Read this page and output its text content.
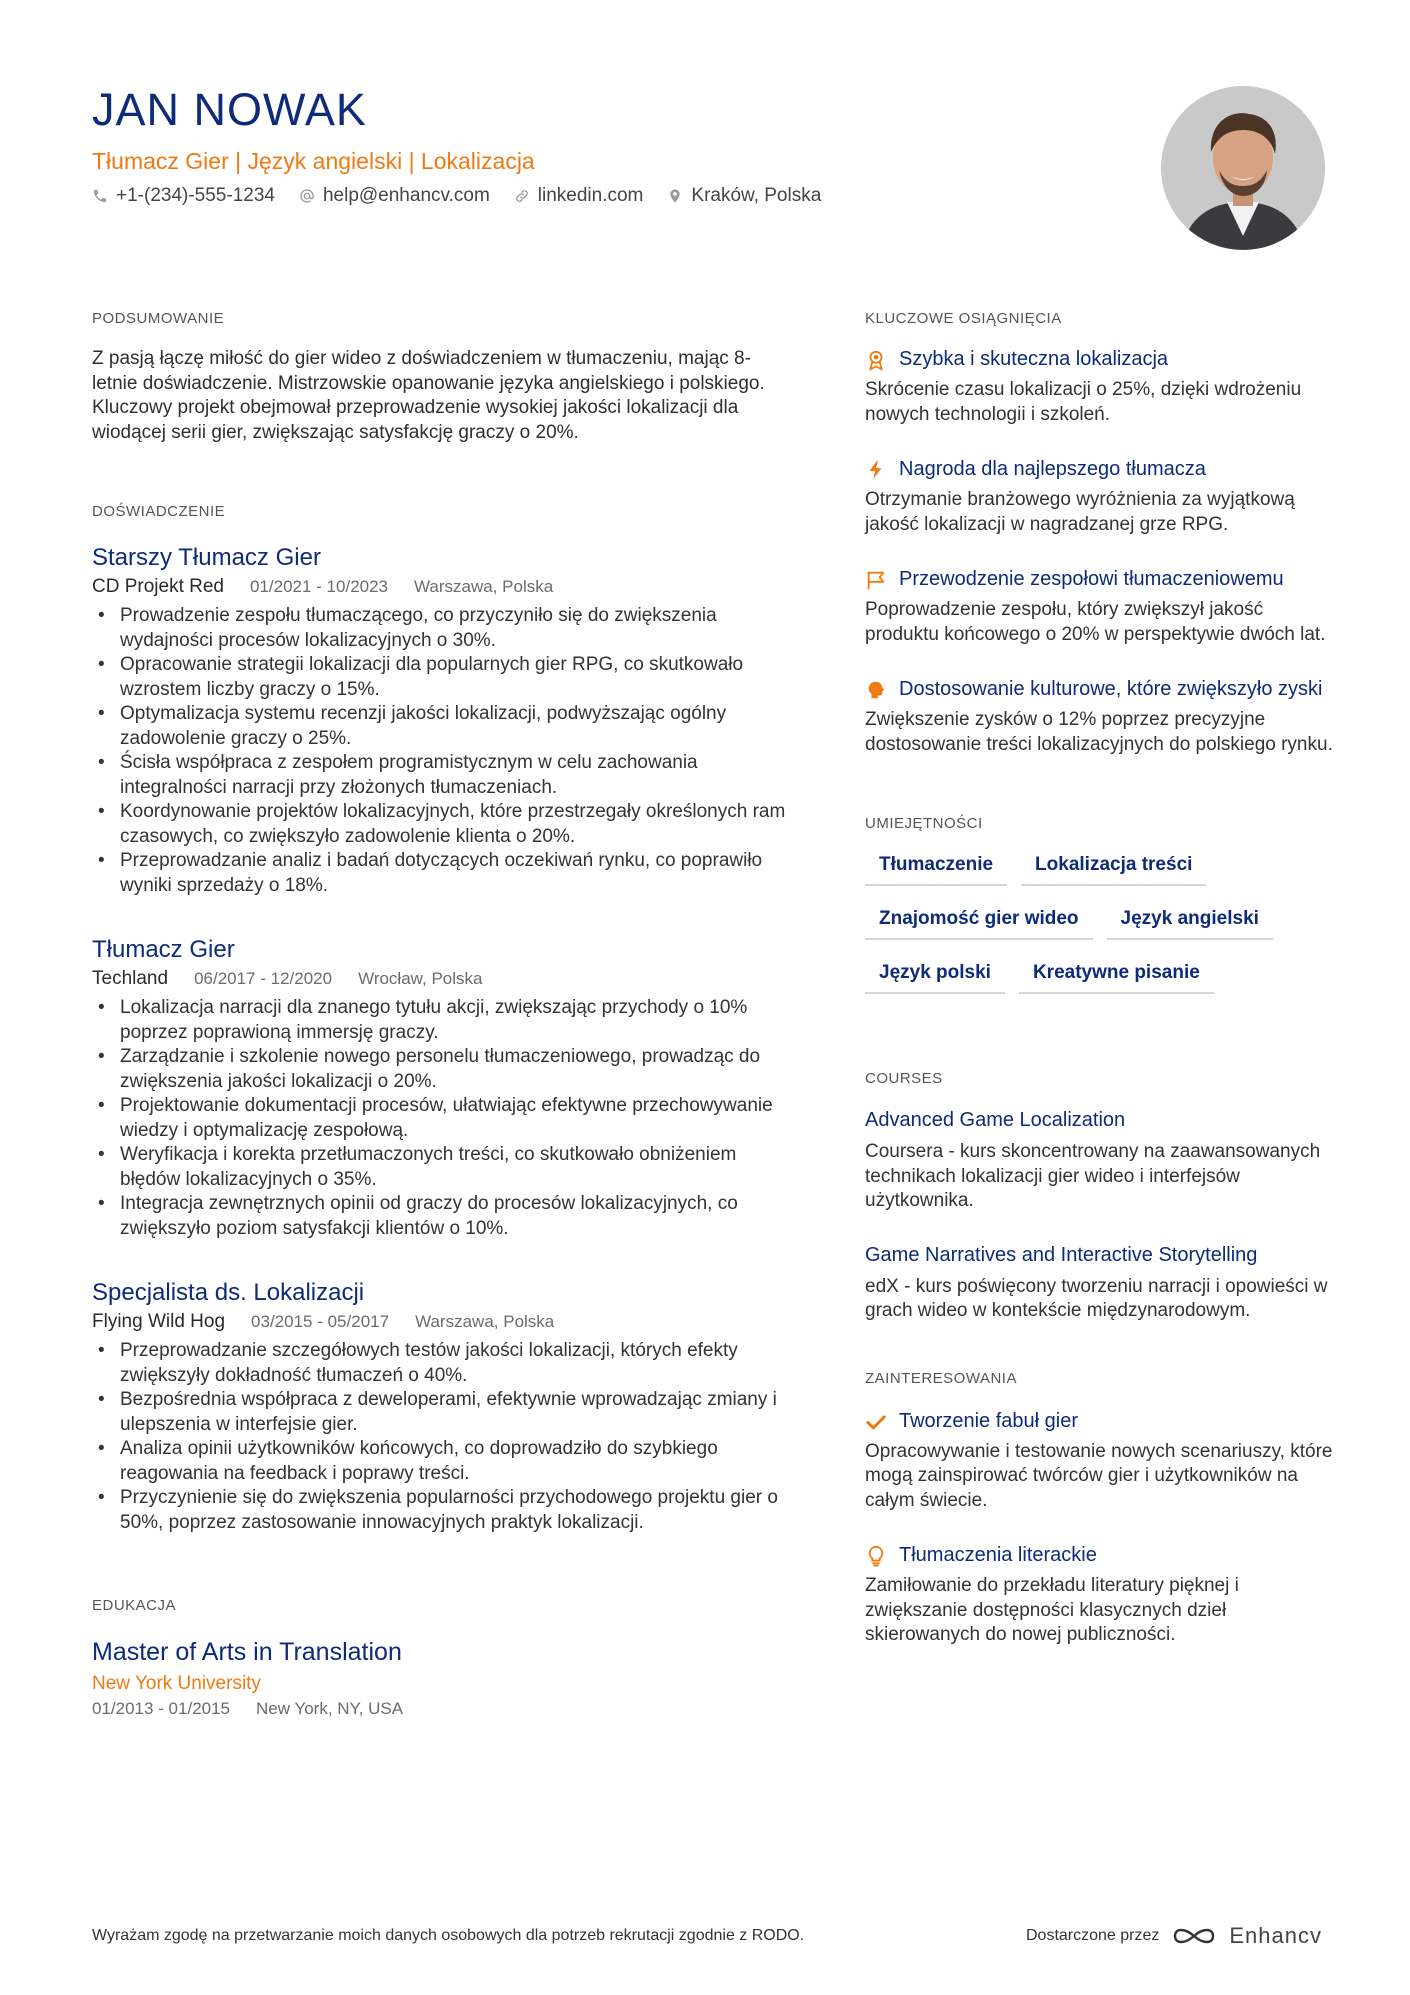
JAN NOWAK
Tłumacz Gier | Język angielski | Lokalizacja
+1-(234)-555-1234	help@enhancv.com	linkedin.com	Kraków, Polska
PODSUMOWANIE

Z pasją łączę miłość do gier wideo z doświadczeniem w tłumaczeniu, mając 8-letnie doświadczenie. Mistrzowskie opanowanie języka angielskiego i polskiego. Kluczowy projekt obejmował przeprowadzenie wysokiej jakości lokalizacji dla wiodącej serii gier, zwiększając satysfakcję graczy o 20%.

DOŚWIADCZENIE
Starszy Tłumacz Gier
CD Projekt Red 01/2021 - 10/2023 Warszawa, Polska
• Prowadzenie zespołu tłumaczącego, co przyczyniło się do zwiększenia wydajności procesów lokalizacyjnych o 30%.
• Opracowanie strategii lokalizacji dla popularnych gier RPG, co skutkowało wzrostem liczby graczy o 15%.
• Optymalizacja systemu recenzji jakości lokalizacji, podwyższając ogólny zadowolenie graczy o 25%.
• Ścisła współpraca z zespołem programistycznym w celu zachowania integralności narracji przy złożonych tłumaczeniach.
• Koordynowanie projektów lokalizacyjnych, które przestrzegały określonych ram czasowych, co zwiększyło zadowolenie klienta o 20%.
• Przeprowadzanie analiz i badań dotyczących oczekiwań rynku, co poprawiło wyniki sprzedaży o 18%.
Tłumacz Gier
Techland 06/2017 - 12/2020 Wrocław, Polska
• Lokalizacja narracji dla znanego tytułu akcji, zwiększając przychody o 10% poprzez poprawioną immersję graczy.
• Zarządzanie i szkolenie nowego personelu tłumaczeniowego, prowadząc do zwiększenia jakości lokalizacji o 20%.
• Projektowanie dokumentacji procesów, ułatwiając efektywne przechowywanie wiedzy i optymalizację zespołową.
• Weryfikacja i korekta przetłumaczonych treści, co skutkowało obniżeniem błędów lokalizacyjnych o 35%.
• Integracja zewnętrznych opinii od graczy do procesów lokalizacyjnych, co zwiększyło poziom satysfakcji klientów o 10%.
Specjalista ds. Lokalizacji
Flying Wild Hog 03/2015 - 05/2017 Warszawa, Polska
• Przeprowadzanie szczegółowych testów jakości lokalizacji, których efekty zwiększyły dokładność tłumaczeń o 40%.
• Bezpośrednia współpraca z deweloperami, efektywnie wprowadzając zmiany i ulepszenia w interfejsie gier.
• Analiza opinii użytkowników końcowych, co doprowadziło do szybkiego reagowania na feedback i poprawy treści.
• Przyczynienie się do zwiększenia popularności przychodowego projektu gier o 50%, poprzez zastosowanie innowacyjnych praktyk lokalizacji.
EDUKACJA
Master of Arts in Translation
New York University
01/2013 - 01/2015 New York, NY, USA
KLUCZOWE OSIĄGNIĘCIA
Szybka i skuteczna lokalizacja
Skrócenie czasu lokalizacji o 25%, dzięki wdrożeniu nowych technologii i szkoleń.
Nagroda dla najlepszego tłumacza
Otrzymanie branżowego wyróżnienia za wyjątkową jakość lokalizacji w nagradzanej grze RPG.
Przewodzenie zespołowi tłumaczeniowemu
Poprowadzenie zespołu, który zwiększył jakość produktu końcowego o 20% w perspektywie dwóch lat.
Dostosowanie kulturowe, które zwiększyło zyski
Zwiększenie zysków o 12% poprzez precyzyjne dostosowanie treści lokalizacyjnych do polskiego rynku.
UMIEJĘTNOŚCI
Tłumaczenie	Lokalizacja treści
Znajomość gier wideo	Język angielski
Język polski	Kreatywne pisanie
COURSES
Advanced Game Localization
Coursera - kurs skoncentrowany na zaawansowanych technikach lokalizacji gier wideo i interfejsów użytkownika.
Game Narratives and Interactive Storytelling
edX - kurs poświęcony tworzeniu narracji i opowieści w grach wideo w kontekście międzynarodowym.
ZAINTERESOWANIA
Tworzenie fabuł gier
Opracowywanie i testowanie nowych scenariuszy, które mogą zainspirować twórców gier i użytkowników na całym świecie.
Tłumaczenia literackie
Zamiłowanie do przekładu literatury pięknej i zwiększanie dostępności klasycznych dzieł skierowanych do nowej publiczności.
Wyrażam zgodę na przetwarzanie moich danych osobowych dla potrzeb rekrutacji zgodnie z RODO.	Dostarczone przez	Enhancv
